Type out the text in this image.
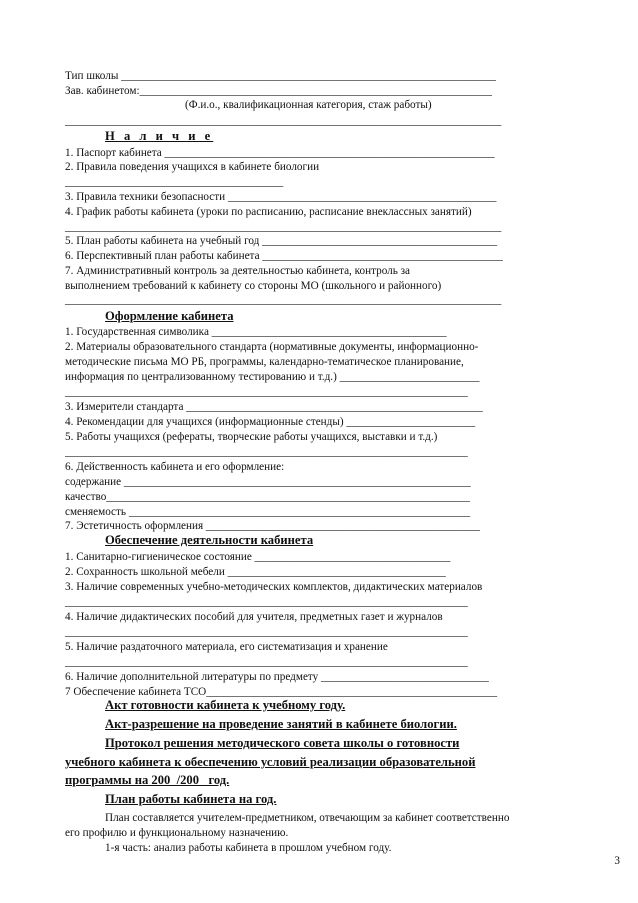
Тип школы ___________________________________________________________________
Зав. кабинетом:_______________________________________________________________
(Ф.и.о., квалификационная категория, стаж работы)
______________________________________________________________________________
Н а л и ч и е
1. Паспорт кабинета ___________________________________________________________
2. Правила поведения учащихся в кабинете биологии
_______________________________________
3. Правила техники безопасности ________________________________________________
4. График работы кабинета (уроки по расписанию, расписание внеклассных занятий)
______________________________________________________________________________
5. План работы кабинета на учебный год __________________________________________
6. Перспективный план работы кабинета ___________________________________________
7. Административный контроль за деятельностью кабинета, контроль за
выполнением требований к кабинету со стороны МО (школьного и районного)
______________________________________________________________________________
Оформление кабинета
1. Государственная символика __________________________________________
2. Материалы образовательного стандарта (нормативные документы, информационно-
методические письма МО РБ, программы, календарно-тематическое планирование,
информация по централизованному тестированию и т.д.) _________________________
________________________________________________________________________
3. Измерители стандарта _____________________________________________________
4. Рекомендации для учащихся (информационные стенды) _______________________
5. Работы учащихся (рефераты, творческие работы учащихся, выставки и т.д.)
________________________________________________________________________
6. Действенность кабинета и его оформление:
содержание ______________________________________________________________
качество_________________________________________________________________
сменяемость _____________________________________________________________
7. Эстетичность оформления _________________________________________________
Обеспечение деятельности кабинета
1. Санитарно-гигиеническое состояние ___________________________________
2. Сохранность школьной мебели _______________________________________
3. Наличие современных учебно-методических комплектов, дидактических материалов
________________________________________________________________________
4. Наличие дидактических пособий для учителя, предметных газет и журналов
________________________________________________________________________
5. Наличие раздаточного материала, его систематизация и хранение
________________________________________________________________________
6. Наличие дополнительной литературы по предмету ______________________________
7 Обеспечение кабинета ТСО____________________________________________________
Акт готовности кабинета к учебному году.
Акт-разрешение на проведение занятий в кабинете биологии.
Протокол решения методического совета школы о готовности
учебного кабинета к обеспечению условий реализации образовательной
программы на 200_/200_ год.
План работы кабинета на год.
План составляется учителем-предметником, отвечающим за кабинет соответственно
его профилю и функциональному назначению.
1-я часть: анализ работы кабинета в прошлом учебном году.
3
